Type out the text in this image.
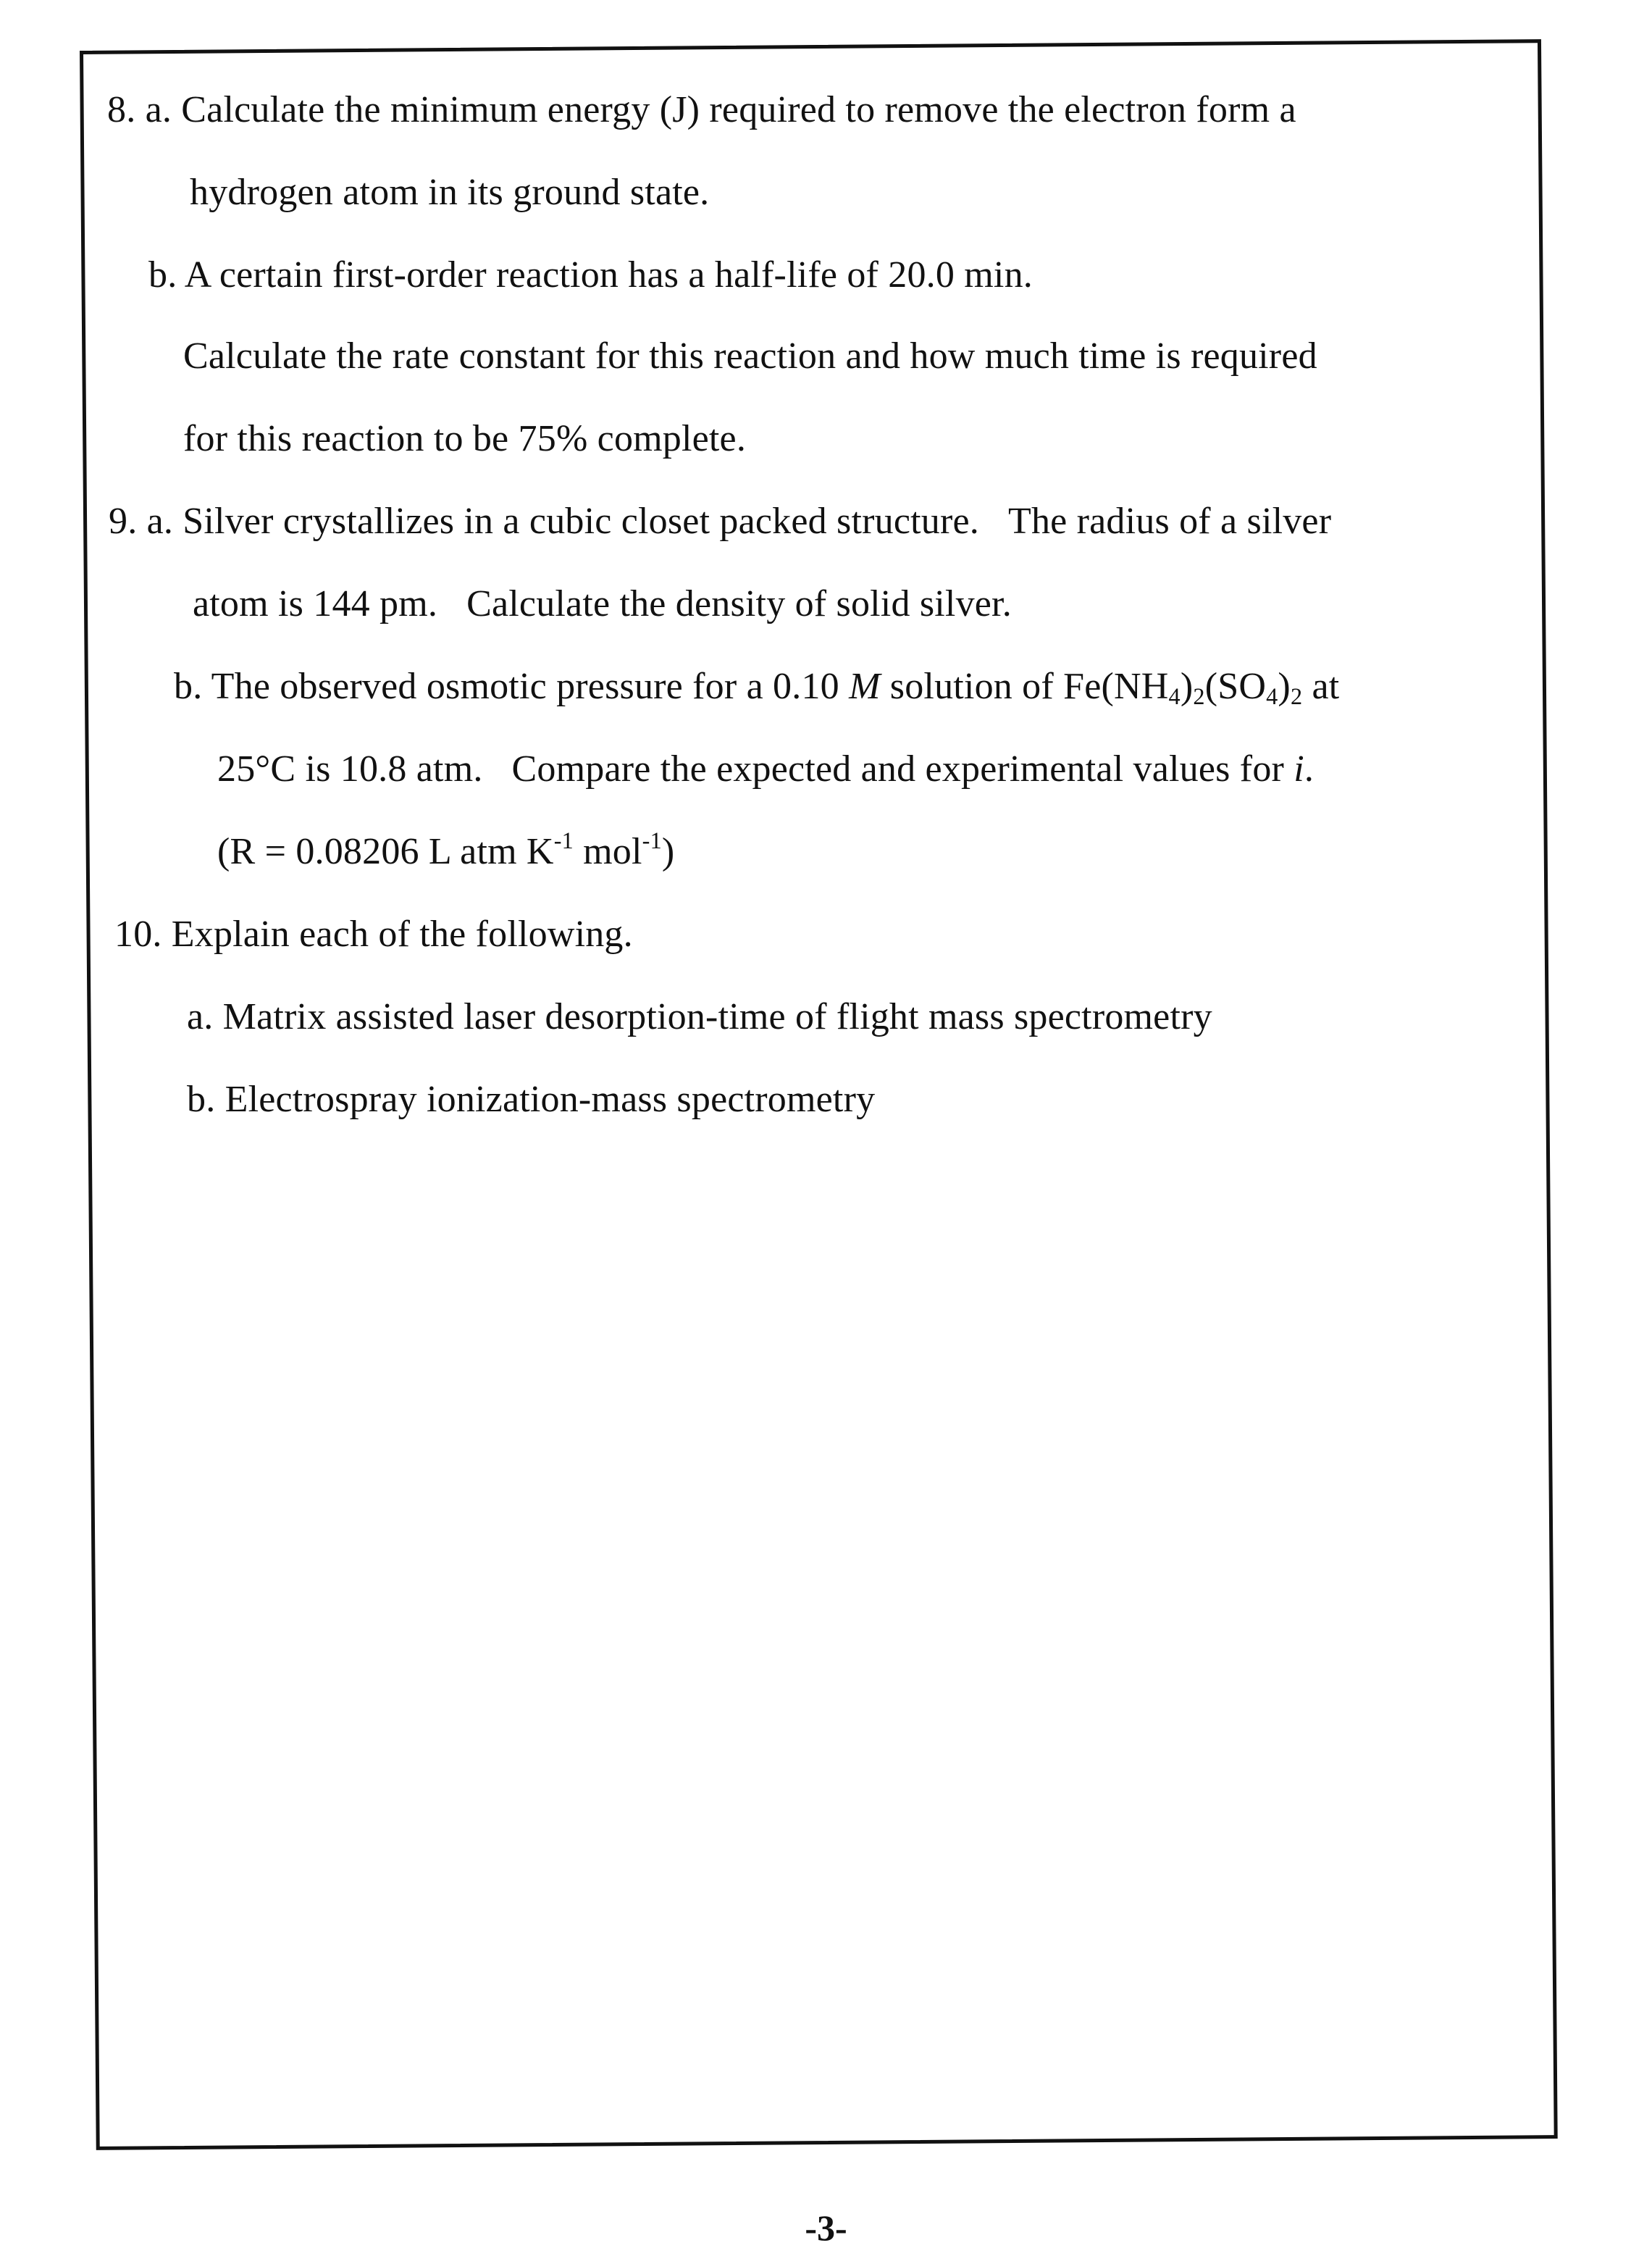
8. a. Calculate the minimum energy (J) required to remove the electron form a
hydrogen atom in its ground state.
b. A certain first-order reaction has a half-life of 20.0 min.
Calculate the rate constant for this reaction and how much time is required
for this reaction to be 75% complete.
9. a. Silver crystallizes in a cubic closet packed structure. The radius of a silver
atom is 144 pm. Calculate the density of solid silver.
b. The observed osmotic pressure for a 0.10 M solution of $Fe(NH_4)_2(SO_4)_2$ at
25°C is 10.8 atm. Compare the expected and experimental values for i.
(R = 0.08206 L atm $K^{-1}$ mol$^{-1}$)
10. Explain each of the following.
a. Matrix assisted laser desorption-time of flight mass spectrometry
b. Electrospray ionization-mass spectrometry
-3-
